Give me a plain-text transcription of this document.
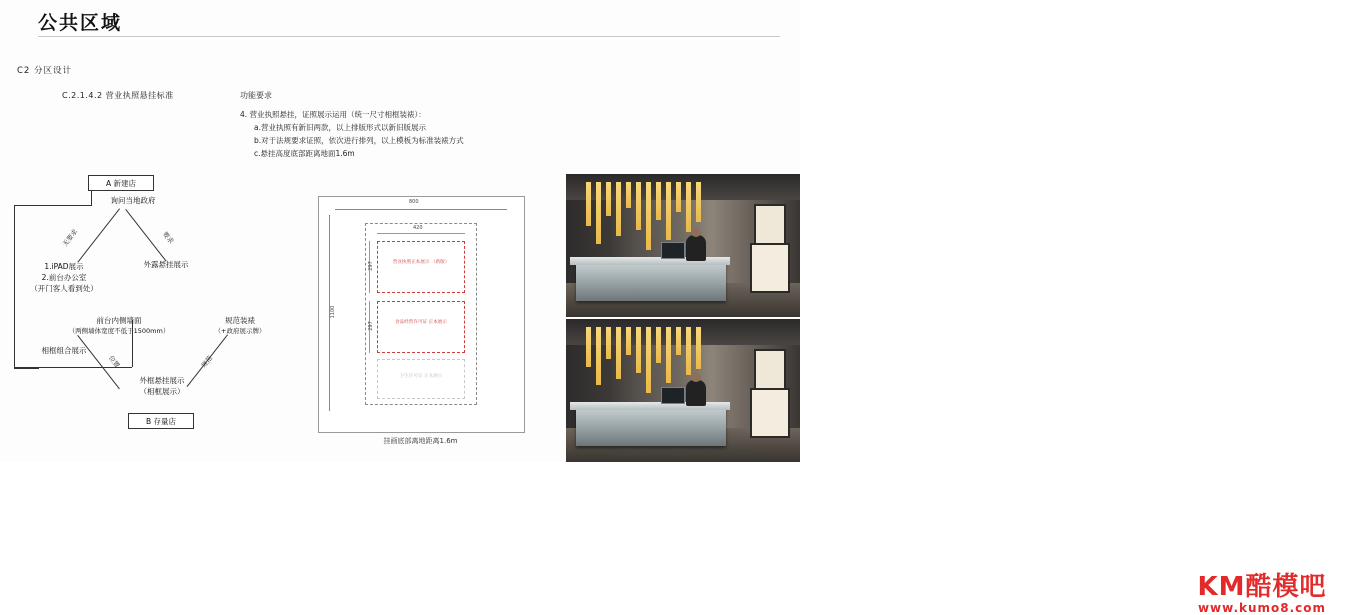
公共区域
C2 分区设计
C.2.1.4.2 营业执照悬挂标准	功能要求
4. 营业执照悬挂，证照展示运用（统一尺寸相框装裱）：
a.营业执照有新旧两款，以上排版形式以新旧版展示
b.对于法规要求证照，依次进行排列，以上模板为标准装裱方式
c.悬挂高度底部距离地面1.6m
A 新建店
B 存量店
询问当地政府
无要求	要求
位置	规范
1.iPAD展示
2.前台办公室
（开门客人看到处）
相框组合展示
外露悬挂展示
前台内侧墙面
（两侧墙体宽度不低于1500mm）
规范装裱
（+政府展示牌）
外框悬挂展示
（相框展示）
800
1100
420
营业执照正本展示 （新版）
食品经营许可证 正本展示
卫生许可证 正本展示
297
297
挂画底部离地距离1.6m
KM酷模吧
www.kumo8.com
横/坚营业执照+食品经营许可证+卫生许可证
